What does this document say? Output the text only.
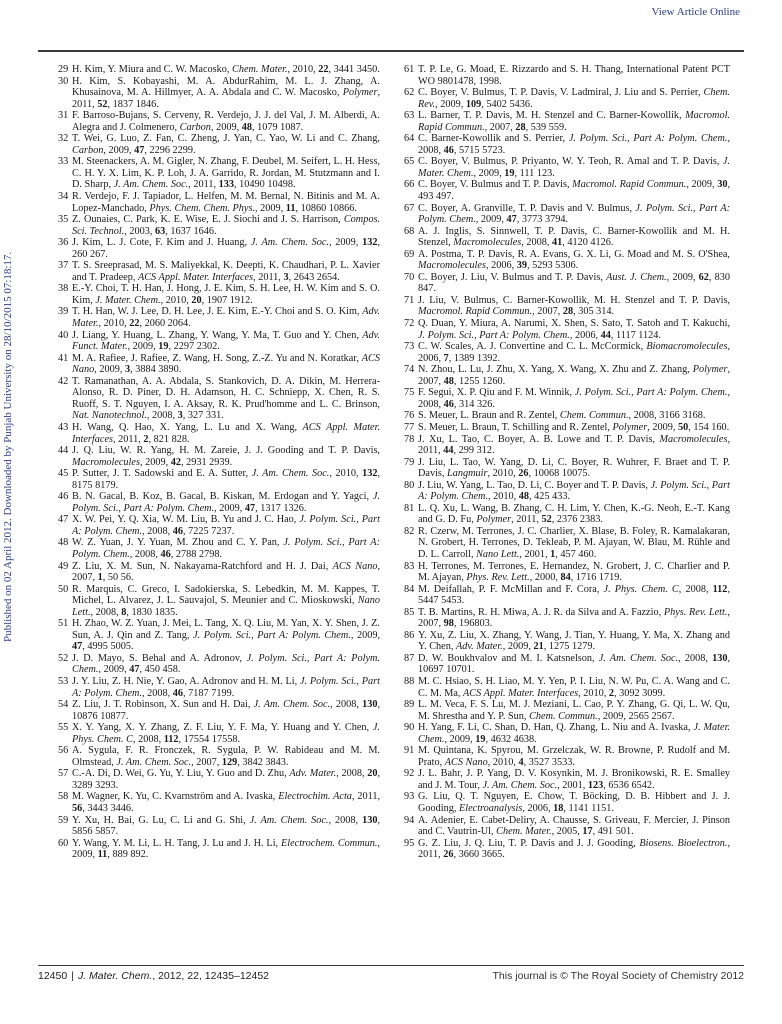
View Article Online
Published on 02 April 2012. Downloaded by Punjab University on 28/10/2015 07:18:17.
29 H. Kim, Y. Miura and C. W. Macosko, Chem. Mater., 2010, 22, 3441 3450.
30 H. Kim, S. Kobayashi, M. A. AbdurRahim, M. L. J. Zhang, A. Khusainova, M. A. Hillmyer, A. A. Abdala and C. W. Macosko, Polymer, 2011, 52, 1837 1846.
31 F. Barroso-Bujans, S. Cerveny, R. Verdejo, J. J. del Val, J. M. Alberdi, A. Alegra and J. Colmenero, Carbon, 2009, 48, 1079 1087.
32 T. Wei, G. Luo, Z. Fan, C. Zheng, J. Yan, C. Yao, W. Li and C. Zhang, Carbon, 2009, 47, 2296 2299.
33 M. Steenackers, A. M. Gigler, N. Zhang, F. Deubel, M. Seifert, L. H. Hess, C. H. Y. X. Lim, K. P. Loh, J. A. Garrido, R. Jordan, M. Stutzmann and I. D. Sharp, J. Am. Chem. Soc., 2011, 133, 10490 10498.
34 R. Verdejo, F. J. Tapiador, L. Helfen, M. M. Bernal, N. Bitinis and M. A. Lopez-Manchado, Phys. Chem. Chem. Phys., 2009, 11, 10860 10866.
35 Z. Ounaies, C. Park, K. E. Wise, E. J. Siochi and J. S. Harrison, Compos. Sci. Technol., 2003, 63, 1637 1646.
36 J. Kim, L. J. Cote, F. Kim and J. Huang, J. Am. Chem. Soc., 2009, 132, 260 267.
37 T. S. Sreeprasad, M. S. Maliyekkal, K. Deepti, K. Chaudhari, P. L. Xavier and T. Pradeep, ACS Appl. Mater. Interfaces, 2011, 3, 2643 2654.
38 E.-Y. Choi, T. H. Han, J. Hong, J. E. Kim, S. H. Lee, H. W. Kim and S. O. Kim, J. Mater. Chem., 2010, 20, 1907 1912.
39 T. H. Han, W. J. Lee, D. H. Lee, J. E. Kim, E.-Y. Choi and S. O. Kim, Adv. Mater., 2010, 22, 2060 2064.
40 J. Liang, Y. Huang, L. Zhang, Y. Wang, Y. Ma, T. Guo and Y. Chen, Adv. Funct. Mater., 2009, 19, 2297 2302.
41 M. A. Rafiee, J. Rafiee, Z. Wang, H. Song, Z.-Z. Yu and N. Koratkar, ACS Nano, 2009, 3, 3884 3890.
42 T. Ramanathan, A. A. Abdala, S. Stankovich, D. A. Dikin, M. Herrera-Alonso, R. D. Piner, D. H. Adamson, H. C. Schniepp, X. Chen, R. S. Ruoff, S. T. Nguyen, I. A. Aksay, R. K. Prud'homme and L. C. Brinson, Nat. Nanotechnol., 2008, 3, 327 331.
43 H. Wang, Q. Hao, X. Yang, L. Lu and X. Wang, ACS Appl. Mater. Interfaces, 2011, 2, 821 828.
44 J. Q. Liu, W. R. Yang, H. M. Zareie, J. J. Gooding and T. P. Davis, Macromolecules, 2009, 42, 2931 2939.
45 P. Sutter, J. T. Sadowski and E. A. Sutter, J. Am. Chem. Soc., 2010, 132, 8175 8179.
46 B. N. Gacal, B. Koz, B. Gacal, B. Kiskan, M. Erdogan and Y. Yagci, J. Polym. Sci., Part A: Polym. Chem., 2009, 47, 1317 1326.
47 X. W. Pei, Y. Q. Xia, W. M. Liu, B. Yu and J. C. Hao, J. Polym. Sci., Part A: Polym. Chem., 2008, 46, 7225 7237.
48 W. Z. Yuan, J. Y. Yuan, M. Zhou and C. Y. Pan, J. Polym. Sci., Part A: Polym. Chem., 2008, 46, 2788 2798.
49 Z. Liu, X. M. Sun, N. Nakayama-Ratchford and H. J. Dai, ACS Nano, 2007, 1, 50 56.
50 R. Marquis, C. Greco, I. Sadokierska, S. Lebedkin, M. M. Kappes, T. Michel, L. Alvarez, J. L. Sauvajol, S. Meunier and C. Mioskowski, Nano Lett., 2008, 8, 1830 1835.
51 H. Zhao, W. Z. Yuan, J. Mei, L. Tang, X. Q. Liu, M. Yan, X. Y. Shen, J. Z. Sun, A. J. Qin and Z. Tang, J. Polym. Sci., Part A: Polym. Chem., 2009, 47, 4995 5005.
52 J. D. Mayo, S. Behal and A. Adronov, J. Polym. Sci., Part A: Polym. Chem., 2009, 47, 450 458.
53 J. Y. Liu, Z. H. Nie, Y. Gao, A. Adronov and H. M. Li, J. Polym. Sci., Part A: Polym. Chem., 2008, 46, 7187 7199.
54 Z. Liu, J. T. Robinson, X. Sun and H. Dai, J. Am. Chem. Soc., 2008, 130, 10876 10877.
55 X. Y. Yang, X. Y. Zhang, Z. F. Liu, Y. F. Ma, Y. Huang and Y. Chen, J. Phys. Chem. C, 2008, 112, 17554 17558.
56 A. Sygula, F. R. Fronczek, R. Sygula, P. W. Rabideau and M. M. Olmstead, J. Am. Chem. Soc., 2007, 129, 3842 3843.
57 C.-A. Di, D. Wei, G. Yu, Y. Liu, Y. Guo and D. Zhu, Adv. Mater., 2008, 20, 3289 3293.
58 M. Wagner, K. Yu, C. Kvarnström and A. Ivaska, Electrochim. Acta, 2011, 56, 3443 3446.
59 Y. Xu, H. Bai, G. Lu, C. Li and G. Shi, J. Am. Chem. Soc., 2008, 130, 5856 5857.
60 Y. Wang, Y. M. Li, L. H. Tang, J. Lu and J. H. Li, Electrochem. Commun., 2009, 11, 889 892.
61 T. P. Le, G. Moad, E. Rizzardo and S. H. Thang, International Patent PCT WO 9801478, 1998.
62 C. Boyer, V. Bulmus, T. P. Davis, V. Ladmiral, J. Liu and S. Perrier, Chem. Rev., 2009, 109, 5402 5436.
63 L. Barner, T. P. Davis, M. H. Stenzel and C. Barner-Kowollik, Macromol. Rapid Commun., 2007, 28, 539 559.
64 C. Barner-Kowollik and S. Perrier, J. Polym. Sci., Part A: Polym. Chem., 2008, 46, 5715 5723.
65 C. Boyer, V. Bulmus, P. Priyanto, W. Y. Teoh, R. Amal and T. P. Davis, J. Mater. Chem., 2009, 19, 111 123.
66 C. Boyer, V. Bulmus and T. P. Davis, Macromol. Rapid Commun., 2009, 30, 493 497.
67 C. Boyer, A. Granville, T. P. Davis and V. Bulmus, J. Polym. Sci., Part A: Polym. Chem., 2009, 47, 3773 3794.
68 A. J. Inglis, S. Sinnwell, T. P. Davis, C. Barner-Kowollik and M. H. Stenzel, Macromolecules, 2008, 41, 4120 4126.
69 A. Postma, T. P. Davis, R. A. Evans, G. X. Li, G. Moad and M. S. O'Shea, Macromolecules, 2006, 39, 5293 5306.
70 C. Boyer, J. Liu, V. Bulmus and T. P. Davis, Aust. J. Chem., 2009, 62, 830 847.
71 J. Liu, V. Bulmus, C. Barner-Kowollik, M. H. Stenzel and T. P. Davis, Macromol. Rapid Commun., 2007, 28, 305 314.
72 Q. Duan, Y. Miura, A. Narumi, X. Shen, S. Sato, T. Satoh and T. Kakuchi, J. Polym. Sci., Part A: Polym. Chem., 2006, 44, 1117 1124.
73 C. W. Scales, A. J. Convertine and C. L. McCormick, Biomacromolecules, 2006, 7, 1389 1392.
74 N. Zhou, L. Lu, J. Zhu, X. Yang, X. Wang, X. Zhu and Z. Zhang, Polymer, 2007, 48, 1255 1260.
75 F. Segui, X. P. Qiu and F. M. Winnik, J. Polym. Sci., Part A: Polym. Chem., 2008, 46, 314 326.
76 S. Meuer, L. Braun and R. Zentel, Chem. Commun., 2008, 3166 3168.
77 S. Meuer, L. Braun, T. Schilling and R. Zentel, Polymer, 2009, 50, 154 160.
78 J. Xu, L. Tao, C. Boyer, A. B. Lowe and T. P. Davis, Macromolecules, 2011, 44, 299 312.
79 J. Liu, L. Tao, W. Yang, D. Li, C. Boyer, R. Wuhrer, F. Braet and T. P. Davis, Langmuir, 2010, 26, 10068 10075.
80 J. Liu, W. Yang, L. Tao, D. Li, C. Boyer and T. P. Davis, J. Polym. Sci., Part A: Polym. Chem., 2010, 48, 425 433.
81 L. Q. Xu, L. Wang, B. Zhang, C. H. Lim, Y. Chen, K.-G. Neoh, E.-T. Kang and G. D. Fu, Polymer, 2011, 52, 2376 2383.
82 R. Czerw, M. Terrones, J. C. Charlier, X. Blase, B. Foley, R. Kamalakaran, N. Grobert, H. Terrones, D. Tekleab, P. M. Ajayan, W. Blau, M. Rühle and D. L. Carroll, Nano Lett., 2001, 1, 457 460.
83 H. Terrones, M. Terrones, E. Hernandez, N. Grobert, J. C. Charlier and P. M. Ajayan, Phys. Rev. Lett., 2000, 84, 1716 1719.
84 M. Deifallah, P. F. McMillan and F. Cora, J. Phys. Chem. C, 2008, 112, 5447 5453.
85 T. B. Martins, R. H. Miwa, A. J. R. da Silva and A. Fazzio, Phys. Rev. Lett., 2007, 98, 196803.
86 Y. Xu, Z. Liu, X. Zhang, Y. Wang, J. Tian, Y. Huang, Y. Ma, X. Zhang and Y. Chen, Adv. Mater., 2009, 21, 1275 1279.
87 D. W. Boukhvalov and M. I. Katsnelson, J. Am. Chem. Soc., 2008, 130, 10697 10701.
88 M. C. Hsiao, S. H. Liao, M. Y. Yen, P. I. Liu, N. W. Pu, C. A. Wang and C. C. M. Ma, ACS Appl. Mater. Interfaces, 2010, 2, 3092 3099.
89 L. M. Veca, F. S. Lu, M. J. Meziani, L. Cao, P. Y. Zhang, G. Qi, L. W. Qu, M. Shrestha and Y. P. Sun, Chem. Commun., 2009, 2565 2567.
90 H. Yang, F. Li, C. Shan, D. Han, Q. Zhang, L. Niu and A. Ivaska, J. Mater. Chem., 2009, 19, 4632 4638.
91 M. Quintana, K. Spyrou, M. Grzelczak, W. R. Browne, P. Rudolf and M. Prato, ACS Nano, 2010, 4, 3527 3533.
92 J. L. Bahr, J. P. Yang, D. V. Kosynkin, M. J. Bronikowski, R. E. Smalley and J. M. Tour, J. Am. Chem. Soc., 2001, 123, 6536 6542.
93 G. Liu, Q. T. Nguyen, E. Chow, T. Böcking, D. B. Hibbert and J. J. Gooding, Electroanalysis, 2006, 18, 1141 1151.
94 A. Adenier, E. Cabet-Deliry, A. Chausse, S. Griveau, F. Mercier, J. Pinson and C. Vautrin-Ul, Chem. Mater., 2005, 17, 491 501.
95 G. Z. Liu, J. Q. Liu, T. P. Davis and J. J. Gooding, Biosens. Bioelectron., 2011, 26, 3660 3665.
12450 | J. Mater. Chem., 2012, 22, 12435–12452	This journal is © The Royal Society of Chemistry 2012
